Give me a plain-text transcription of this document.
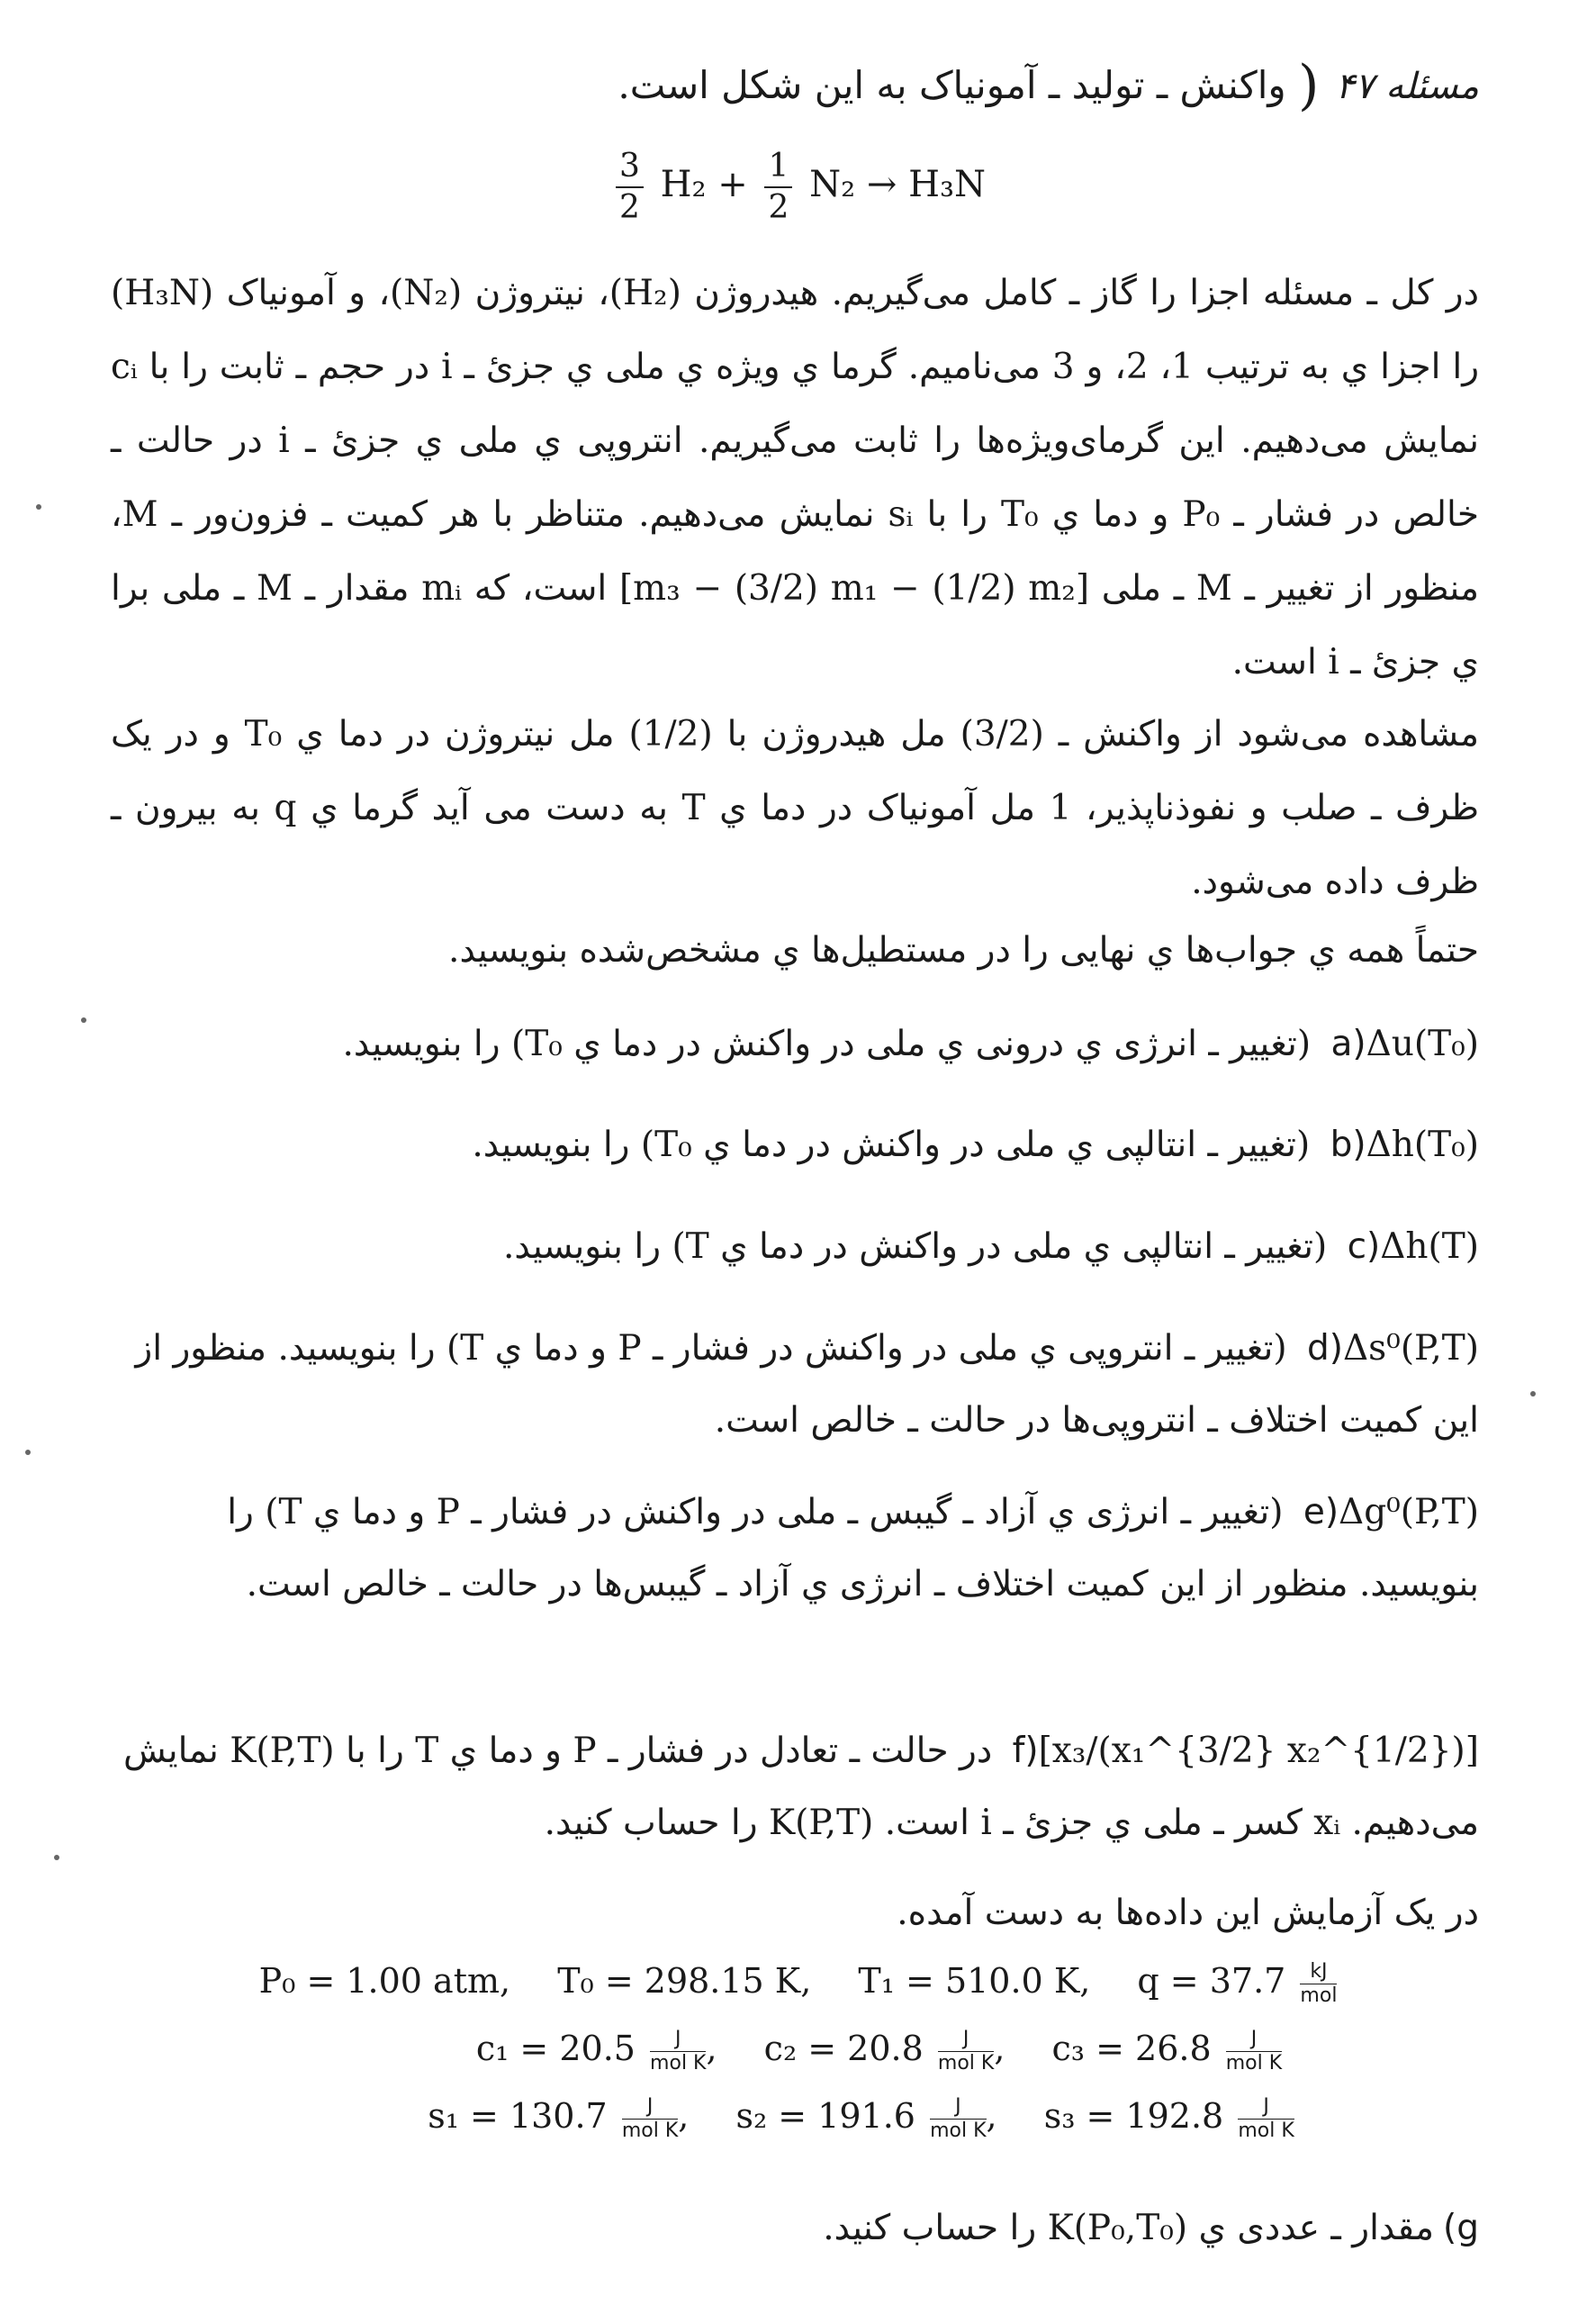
مسئله ۴۷( واکنش ـ تولید ـ آمونیاک به این شکل است.
$\frac{3}{2} H_2 + \frac{1}{2} N_2 \to H_3N$
در کل ـ مسئله اجزا را گاز ـ کامل می‌گیریم. هیدروژن (H₂)، نیتروژن (N₂)، و آمونیاک (H₃N) را اجزا ي به ترتیب 1، 2، و 3 می‌نامیم. گرما ي ویژه ي ملی ي جزئ ـ i در حجم ـ ثابت را با cᵢ نمایش می‌دهیم. این گرمای‌ویژه‌ها را ثابت می‌گیریم. انتروپی ي ملی ي جزئ ـ i در حالت ـ خالص در فشار ـ P₀ و دما ي T₀ را با sᵢ نمایش می‌دهیم. متناظر با هر کمیت ـ فزون‌ور ـ M، منظور از تغییر ـ M ـ ملی [m₃ − (3/2) m₁ − (1/2) m₂] است، که mᵢ مقدار ـ M ـ ملی برا ي جزئ ـ i است.
مشاهده می‌شود از واکنش ـ (3/2) مل هیدروژن با (1/2) مل نیتروژن در دما ي T₀ و در یک ظرف ـ صلب و نفوذناپذیر، 1 مل آمونیاک در دما ي T به دست می آید گرما ي q به بیرون ـ ظرف داده می‌شود.
حتماً همه ي جواب‌ها ي نهایی را در مستطیل‌ها ي مشخص‌شده بنویسید.
a)Δu(T₀) (تغییر ـ انرژی ي درونی ي ملی در واکنش در دما ي T₀) را بنویسید.
b)Δh(T₀) (تغییر ـ انتالپی ي ملی در واکنش در دما ي T₀) را بنویسید.
c)Δh(T) (تغییر ـ انتالپی ي ملی در واکنش در دما ي T) را بنویسید.
d)Δs⁰(P,T) (تغییر ـ انتروپی ي ملی در واکنش در فشار ـ P و دما ي T) را بنویسید. منظور از این کمیت اختلاف ـ انتروپی‌ها در حالت ـ خالص است.
e)Δg⁰(P,T) (تغییر ـ انرژی ي آزاد ـ گیبس ـ ملی در واکنش در فشار ـ P و دما ي T) را بنویسید. منظور از این کمیت اختلاف ـ انرژی ي آزاد ـ گیبس‌ها در حالت ـ خالص است.
f)[x₃/(x₁^{3/2} x₂^{1/2})] در حالت ـ تعادل در فشار ـ P و دما ي T را با K(P,T) نمایش می‌دهیم. xᵢ کسر ـ ملی ي جزئ ـ i است. K(P,T) را حساب کنید.
در یک آزمایش این داده‌ها به دست آمده.
P₀ = 1.00 atm, T₀ = 298.15 K, T₁ = 510.0 K, $q = 37.7 \frac{kJ}{\text{mol}}$
$c_1 = 20.5 \frac{J}{\text{mol K}}$ , $c_2 = 20.8 \frac{J}{\text{mol K}}$ , $c_3 = 26.8 \frac{J}{\text{mol K}}$
$s_1 = 130.7 \frac{J}{\text{mol K}}$ , $s_2 = 191.6 \frac{J}{\text{mol K}}$ , $s_3 = 192.8 \frac{J}{\text{mol K}}$
g)مقدار ـ عددی ي K(P₀,T₀) را حساب کنید.
